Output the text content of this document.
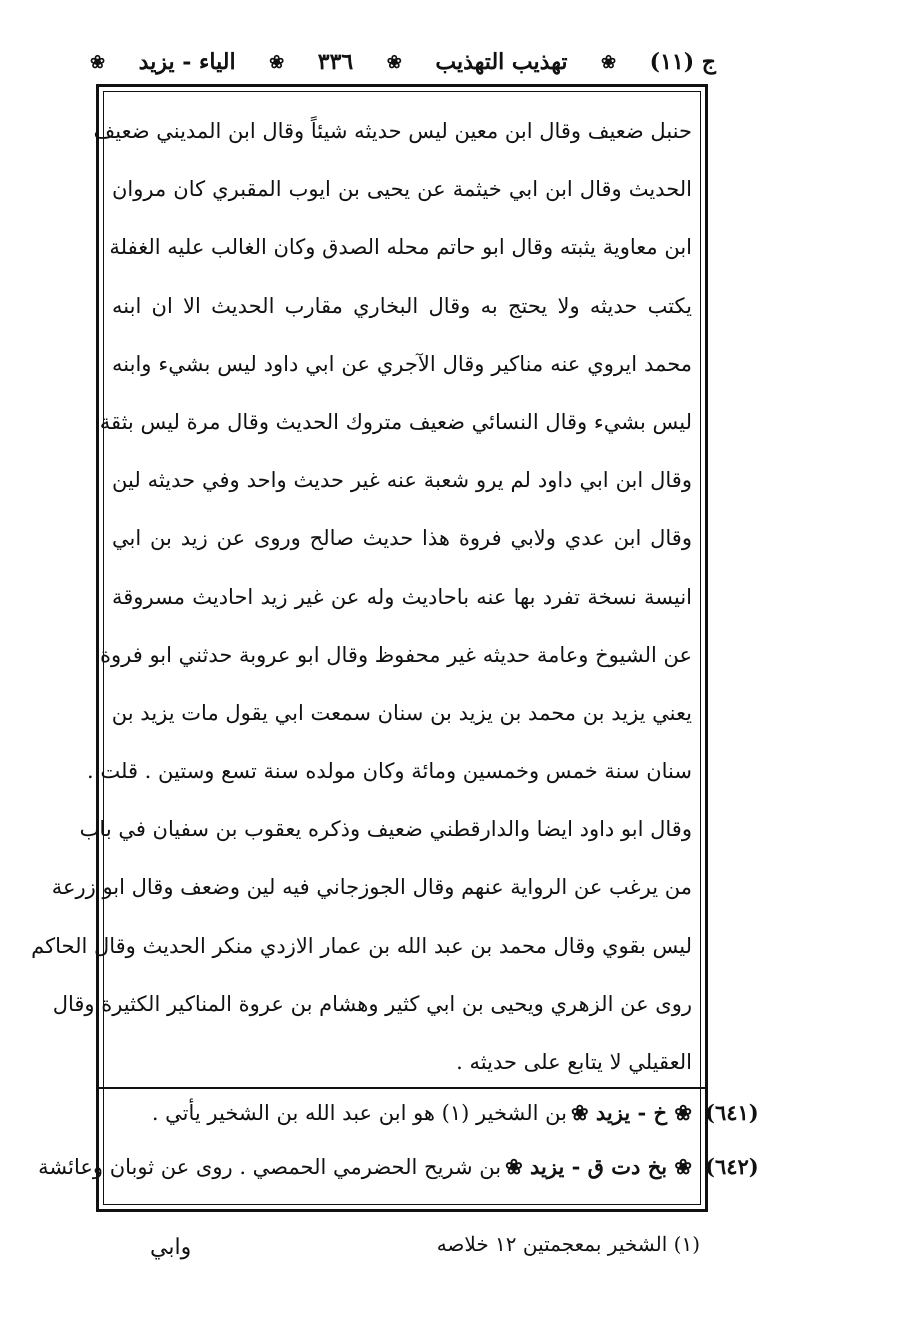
ج (١١)
❀
تهذيب التهذيب
❀
٣٣٦
❀
الياء - يزيد
❀
حنبل ضعيف وقال ابن معين ليس حديثه شيئاً وقال ابن المديني ضعيف
الحديث وقال ابن ابي خيثمة عن يحيى بن ايوب المقبري كان مروان
ابن معاوية يثبته وقال ابو حاتم محله الصدق وكان الغالب عليه الغفلة
يكتب حديثه ولا يحتج به وقال البخاري مقارب الحديث الا ان ابنه
محمد ايروي عنه مناكير وقال الآجري عن ابي داود ليس بشيء وابنه
ليس بشيء وقال النسائي ضعيف متروك الحديث وقال مرة ليس بثقة
وقال ابن ابي داود لم يرو شعبة عنه غير حديث واحد وفي حديثه لين
وقال ابن عدي ولابي فروة هذا حديث صالح وروى عن زيد بن ابي
انيسة نسخة تفرد بها عنه باحاديث وله عن غير زيد احاديث مسروقة
عن الشيوخ وعامة حديثه غير محفوظ وقال ابو عروبة حدثني ابو فروة
يعني يزيد بن محمد بن يزيد بن سنان سمعت ابي يقول مات يزيد بن
سنان سنة خمس وخمسين ومائة وكان مولده سنة تسع وستين . قلت .
وقال ابو داود ايضا والدارقطني ضعيف وذكره يعقوب بن سفيان في باب
من يرغب عن الرواية عنهم وقال الجوزجاني فيه لين وضعف وقال ابو زرعة
ليس بقوي وقال محمد بن عبد الله بن عمار الازدي منكر الحديث وقال الحاكم
روى عن الزهري ويحيى بن ابي كثير وهشام بن عروة المناكير الكثيرة وقال
العقيلي لا يتابع على حديثه .
❀ خ - يزيد ❀بن الشخير (١) هو ابن عبد الله بن الشخير يأتي .	(٦٤١)
❀ بخ دت ق - يزيد ❀بن شريح الحضرمي الحمصي . روى عن ثوبان وعائشة	(٦٤٢)
(١) الشخير بمعجمتين ١٢ خلاصه
وابي
